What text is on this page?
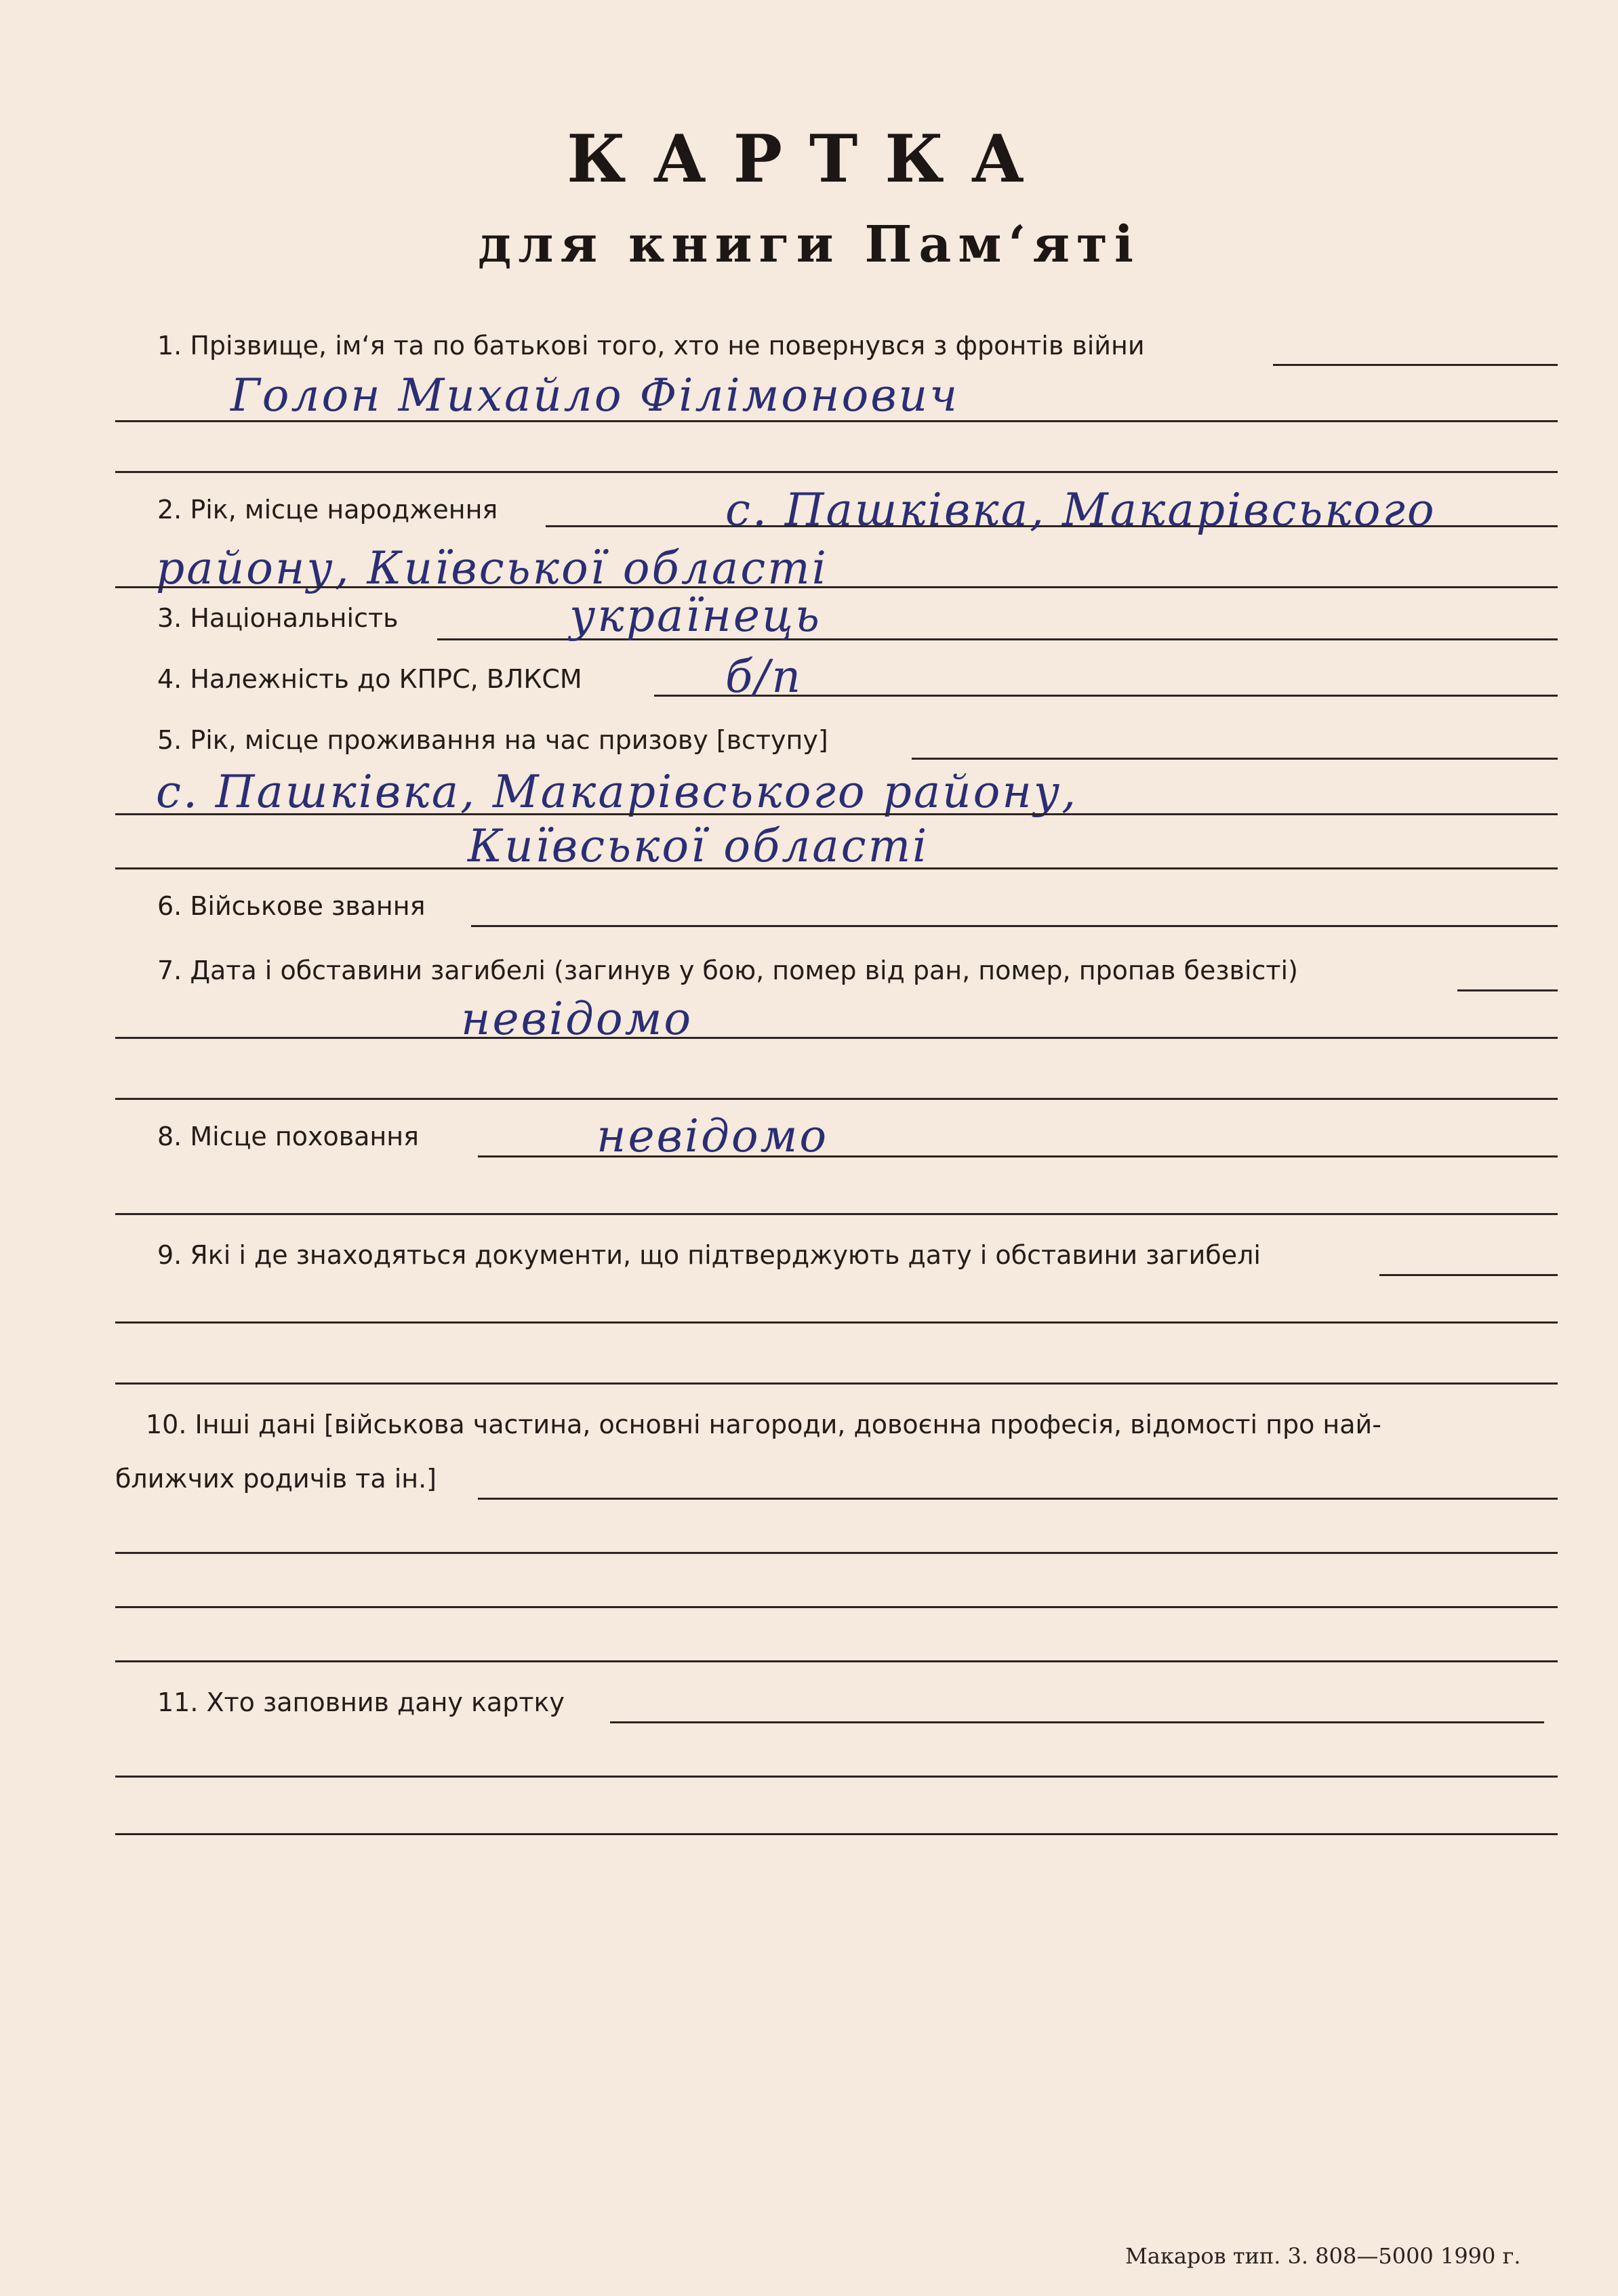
КАРТКА
для книги Пам‘яті
1. Прізвище, ім‘я та по батькові того, хто не повернувся з фронтів війни
Голон Михайло Філімонович
2. Рік, місце народження	с. Пашківка, Макарівського
району, Київської області
3. Національність	українець
4. Належність до КПРС, ВЛКСМ	б/п
5. Рік, місце проживання на час призову [вступу]
с. Пашківка, Макарівського району,
Київської області
6. Військове звання
7. Дата і обставини загибелі (загинув у бою, помер від ран, помер, пропав безвісті)
невідомо
8. Місце поховання	невідомо
9. Які і де знаходяться документи, що підтверджують дату і обставини загибелі
10. Інші дані [військова частина, основні нагороди, довоєнна професія, відомості про най-
ближчих родичів та ін.]
11. Хто заповнив дану картку
Макаров тип. 3. 808—5000 1990 г.
